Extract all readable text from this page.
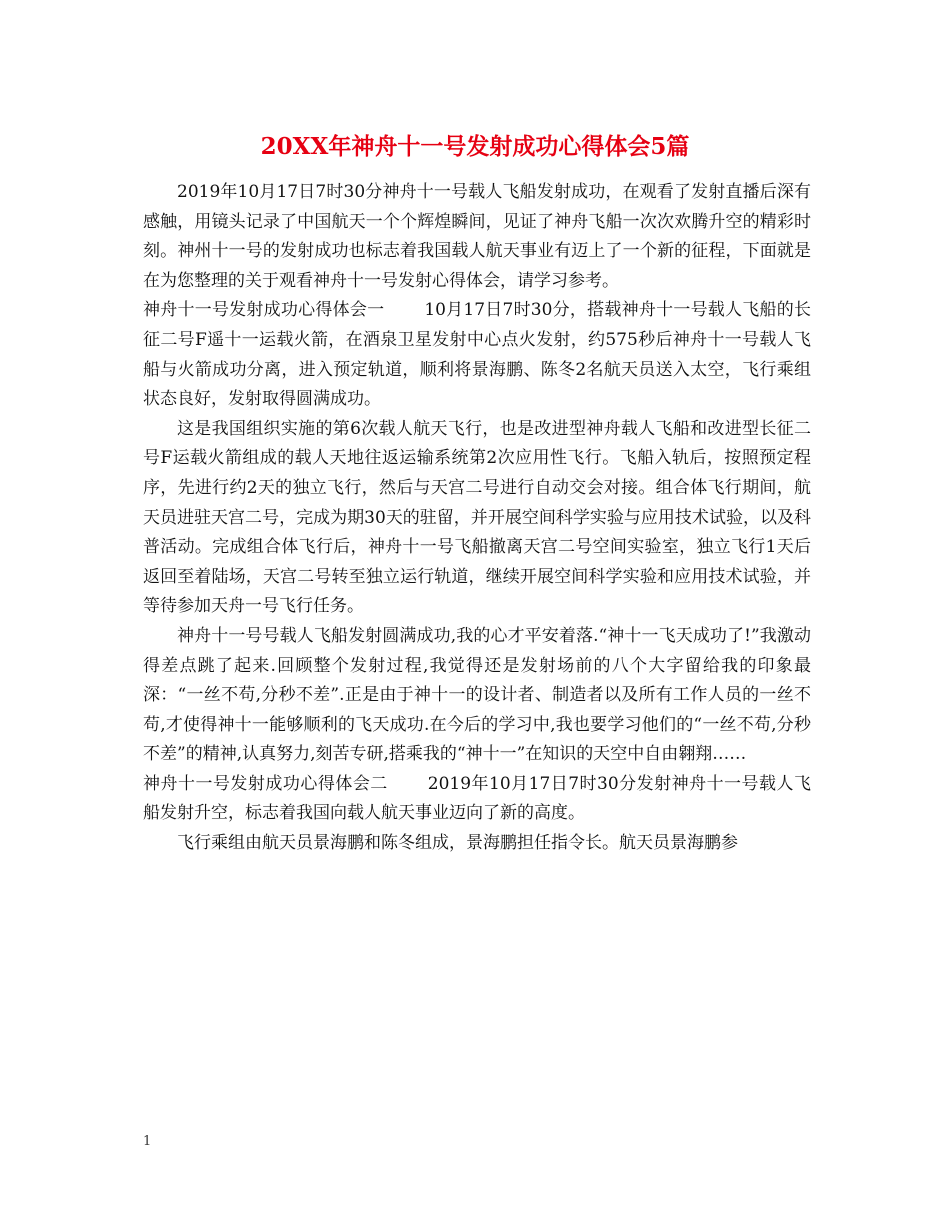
20XX年神舟十一号发射成功心得体会5篇

2019年10月17日7时30分神舟十一号载人飞船发射成功，在观看了发射直播后深有感触，用镜头记录了中国航天一个个辉煌瞬间，见证了神舟飞船一次次欢腾升空的精彩时刻。神州十一号的发射成功也标志着我国载人航天事业有迈上了一个新的征程，下面就是在为您整理的关于观看神舟十一号发射心得体会，请学习参考。

神舟十一号发射成功心得体会一 10月17日7时30分，搭载神舟十一号载人飞船的长征二号F遥十一运载火箭，在酒泉卫星发射中心点火发射，约575秒后神舟十一号载人飞船与火箭成功分离，进入预定轨道，顺利将景海鹏、陈冬2名航天员送入太空，飞行乘组状态良好，发射取得圆满成功。

这是我国组织实施的第6次载人航天飞行，也是改进型神舟载人飞船和改进型长征二号F运载火箭组成的载人天地往返运输系统第2次应用性飞行。飞船入轨后，按照预定程序，先进行约2天的独立飞行，然后与天宫二号进行自动交会对接。组合体飞行期间，航天员进驻天宫二号，完成为期30天的驻留，并开展空间科学实验与应用技术试验，以及科普活动。完成组合体飞行后，神舟十一号飞船撤离天宫二号空间实验室，独立飞行1天后返回至着陆场，天宫二号转至独立运行轨道，继续开展空间科学实验和应用技术试验，并等待参加天舟一号飞行任务。

神舟十一号号载人飞船发射圆满成功,我的心才平安着落.“神十一飞天成功了!”我激动得差点跳了起来.回顾整个发射过程,我觉得还是发射场前的八个大字留给我的印象最深：“一丝不苟,分秒不差”.正是由于神十一的设计者、制造者以及所有工作人员的一丝不苟,才使得神十一能够顺利的飞天成功.在今后的学习中,我也要学习他们的“一丝不苟,分秒不差”的精神,认真努力,刻苦专研,搭乘我的“神十一”在知识的天空中自由翱翔……

神舟十一号发射成功心得体会二 2019年10月17日7时30分发射神舟十一号载人飞船发射升空，标志着我国向载人航天事业迈向了新的高度。

飞行乘组由航天员景海鹏和陈冬组成，景海鹏担任指令长。航天员景海鹏参

1
